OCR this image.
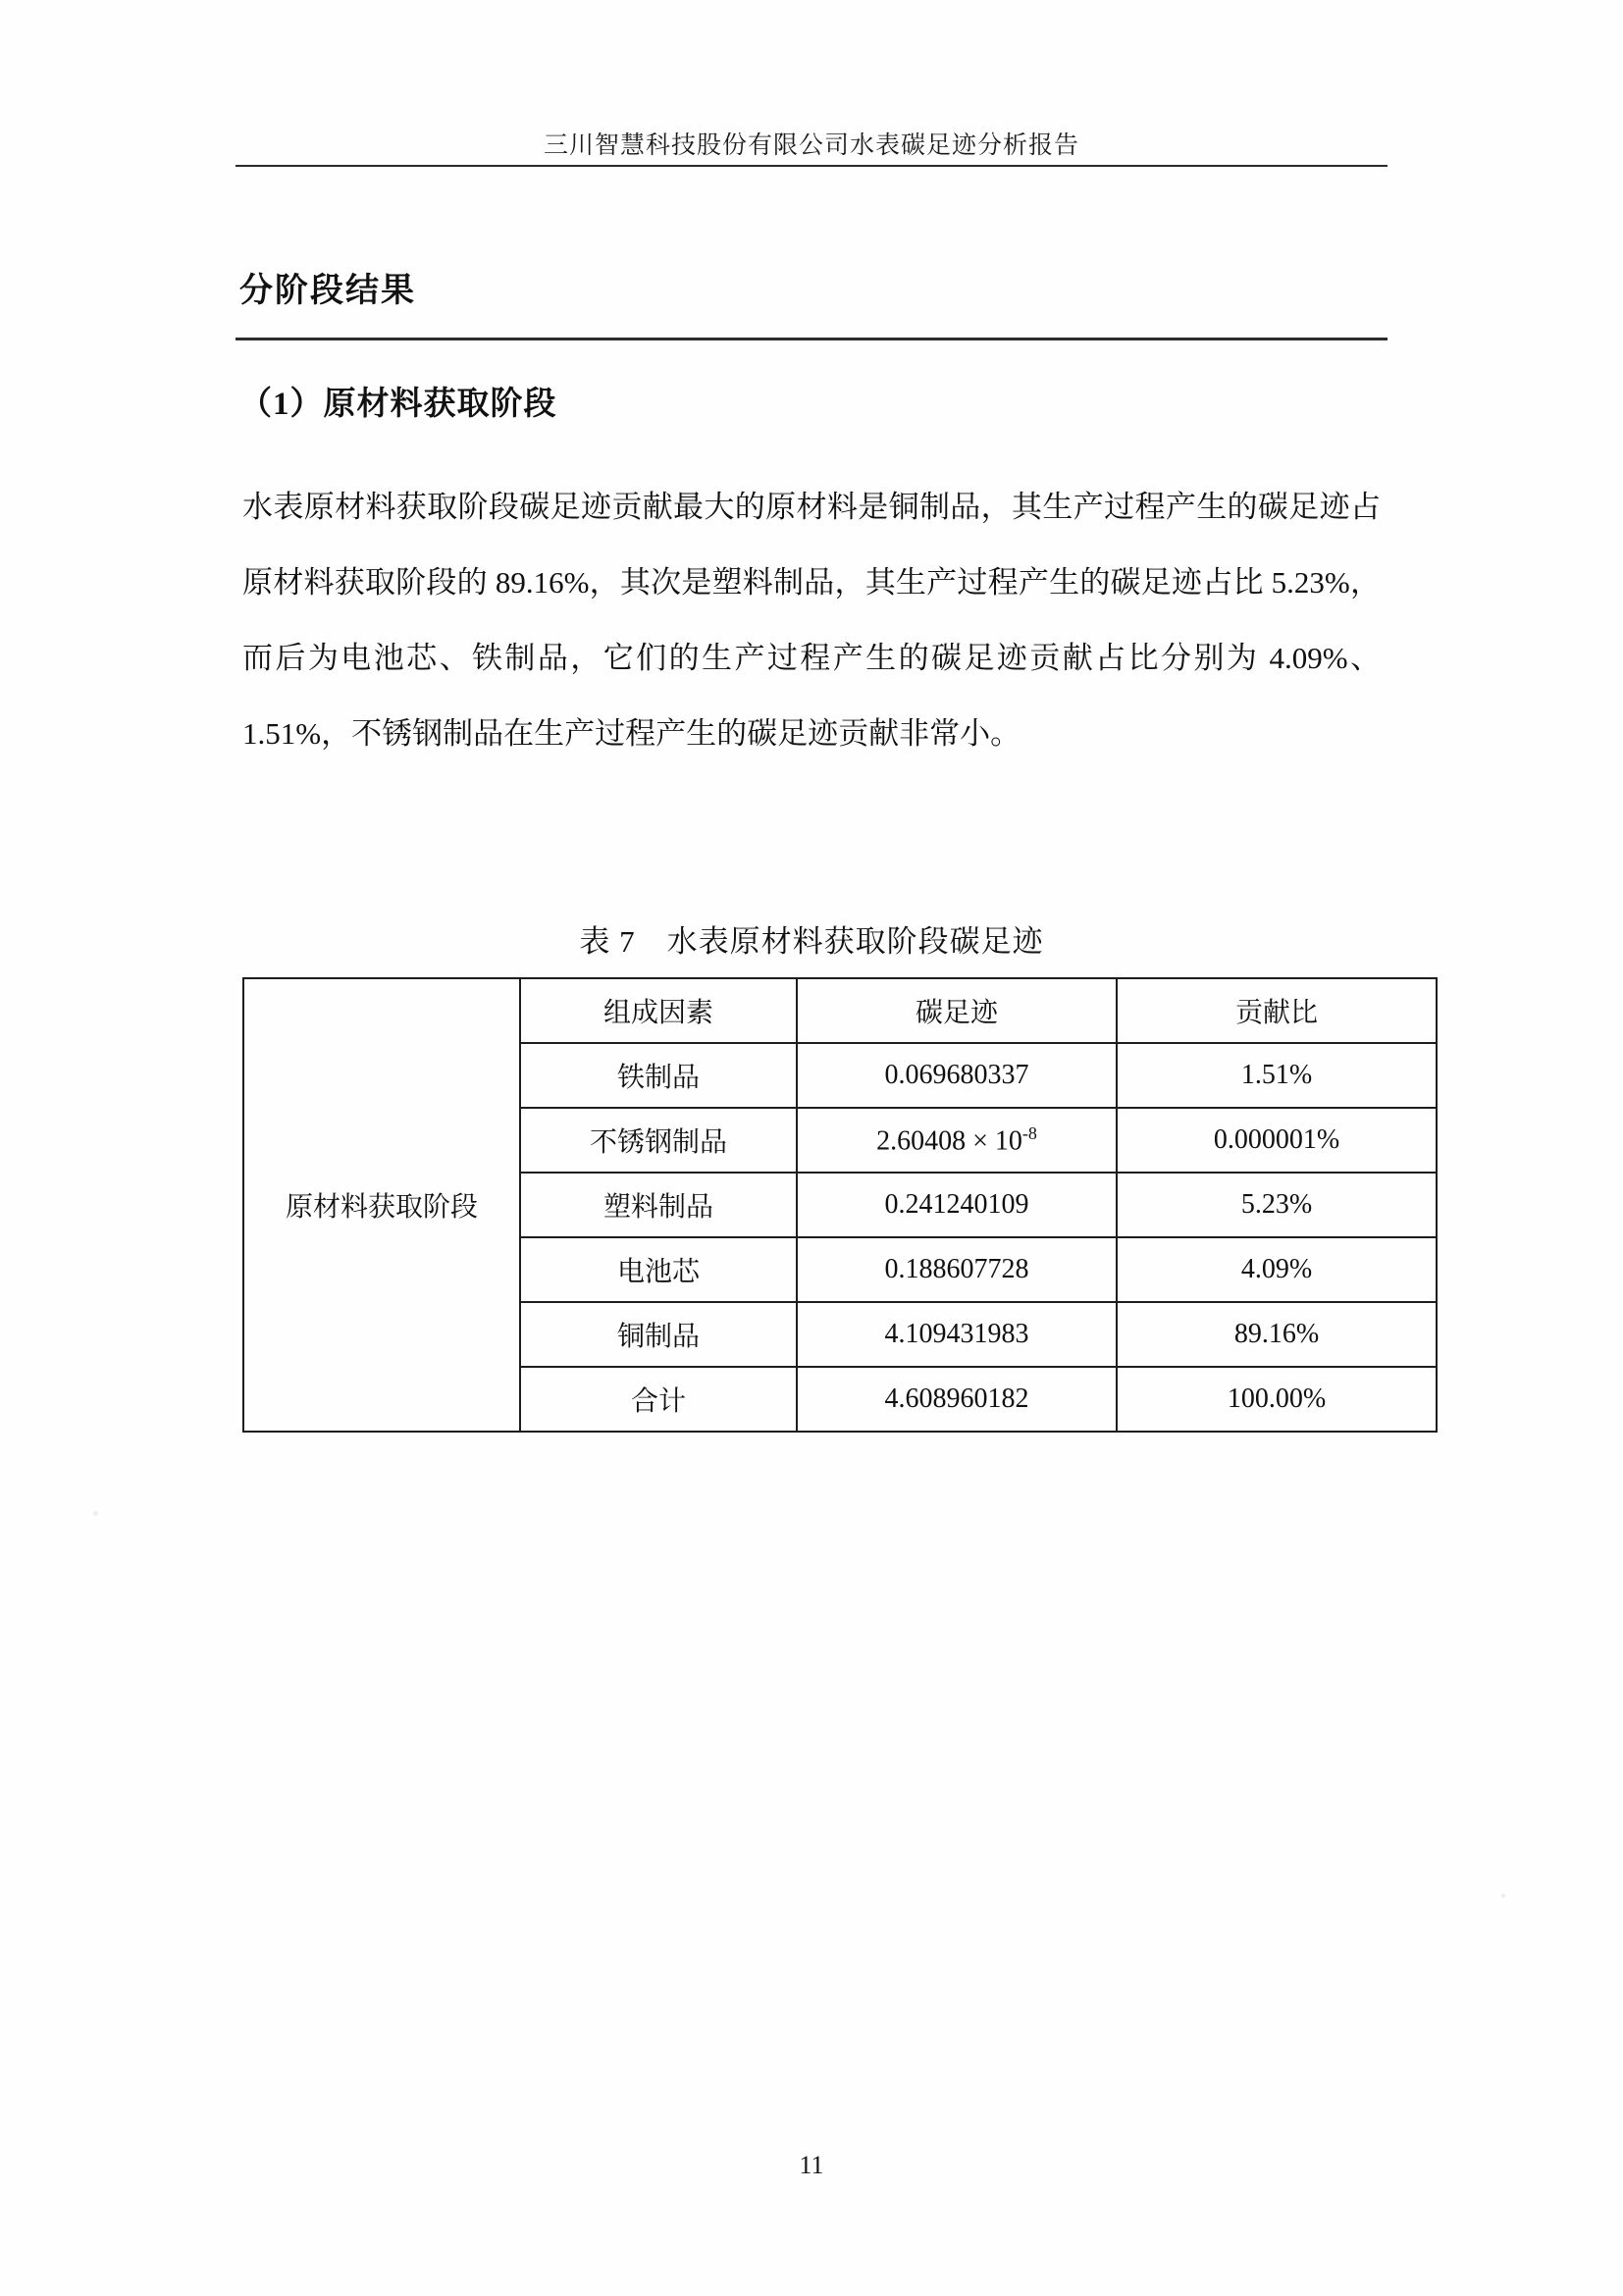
三川智慧科技股份有限公司水表碳足迹分析报告
分阶段结果
（1）原材料获取阶段
水表原材料获取阶段碳足迹贡献最大的原材料是铜制品，其生产过程产生的碳足迹占原材料获取阶段的 89.16%，其次是塑料制品，其生产过程产生的碳足迹占比 5.23%，而后为电池芯、铁制品，它们的生产过程产生的碳足迹贡献占比分别为 4.09%、1.51%，不锈钢制品在生产过程产生的碳足迹贡献非常小。
表 7　水表原材料获取阶段碳足迹
原材料获取阶段	组成因素	碳足迹	贡献比
	铁制品	0.069680337	1.51%
	不锈钢制品	$2.60408 \times 10^{-8}$	0.000001%
	塑料制品	0.241240109	5.23%
	电池芯	0.188607728	4.09%
	铜制品	4.109431983	89.16%
	合计	4.608960182	100.00%
11
